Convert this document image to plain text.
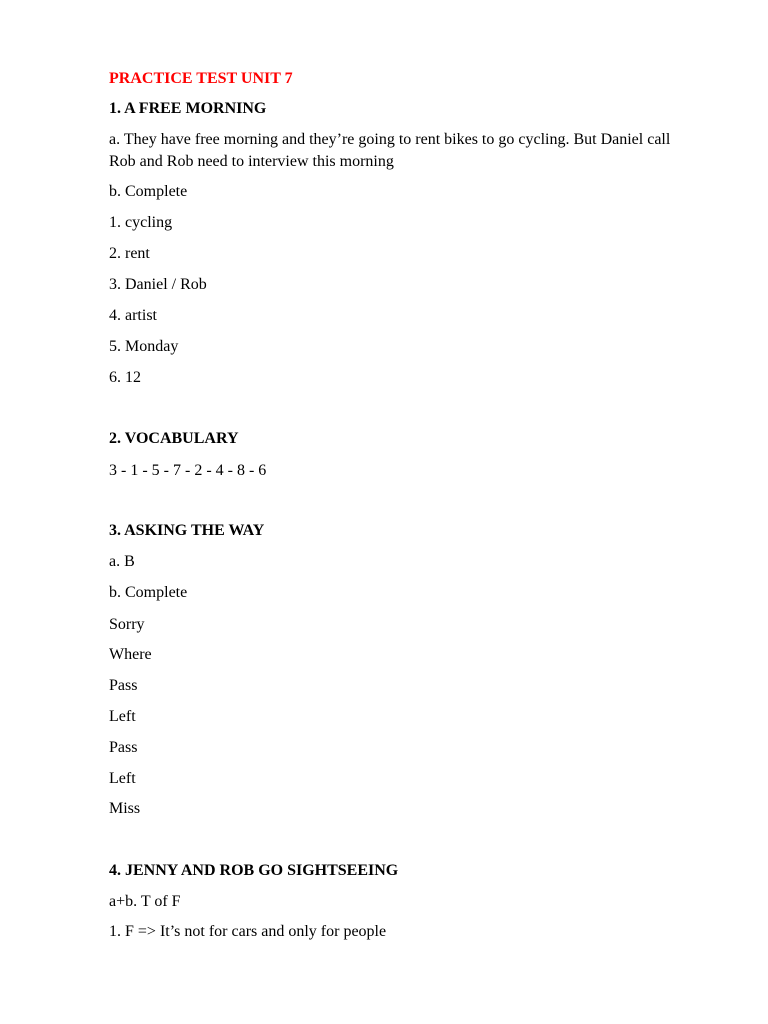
PRACTICE TEST UNIT 7
1. A FREE MORNING
a. They have free morning and they’re going to rent bikes to go cycling. But Daniel call Rob and Rob need to interview this morning
b. Complete
1. cycling
2. rent
3. Daniel / Rob
4. artist
5. Monday
6. 12
2. VOCABULARY
3 - 1 - 5 - 7 - 2 - 4 - 8 - 6
3. ASKING THE WAY
a. B
b. Complete
Sorry
Where
Pass
Left
Pass
Left
Miss
4. JENNY AND ROB GO SIGHTSEEING
a+b. T of F
1. F => It’s not for cars and only for people
